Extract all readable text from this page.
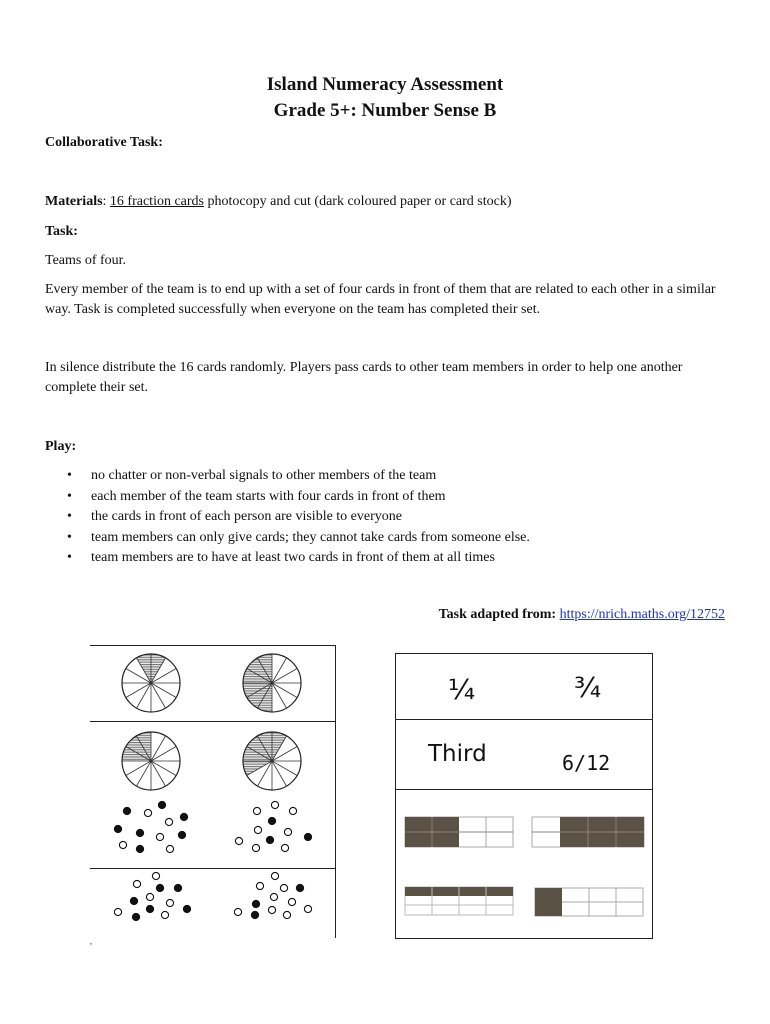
Island Numeracy Assessment
Grade 5+: Number Sense B
Collaborative Task:
Materials: 16 fraction cards photocopy and cut (dark coloured paper or card stock)
Task:
Teams of four.
Every member of the team is to end up with a set of four cards in front of them that are related to each other in a similar way. Task is completed successfully when everyone on the team has completed their set.
In silence distribute the 16 cards randomly. Players pass cards to other team members in order to help one another complete their set.
Play:
• no chatter or non-verbal signals to other members of the team
• each member of the team starts with four cards in front of them
• the cards in front of each person are visible to everyone
• team members can only give cards; they cannot take cards from someone else.
• team members are to have at least two cards in front of them at all times
Task adapted from: https://nrich.maths.org/12752
,
¼	¾
Third	6/12
